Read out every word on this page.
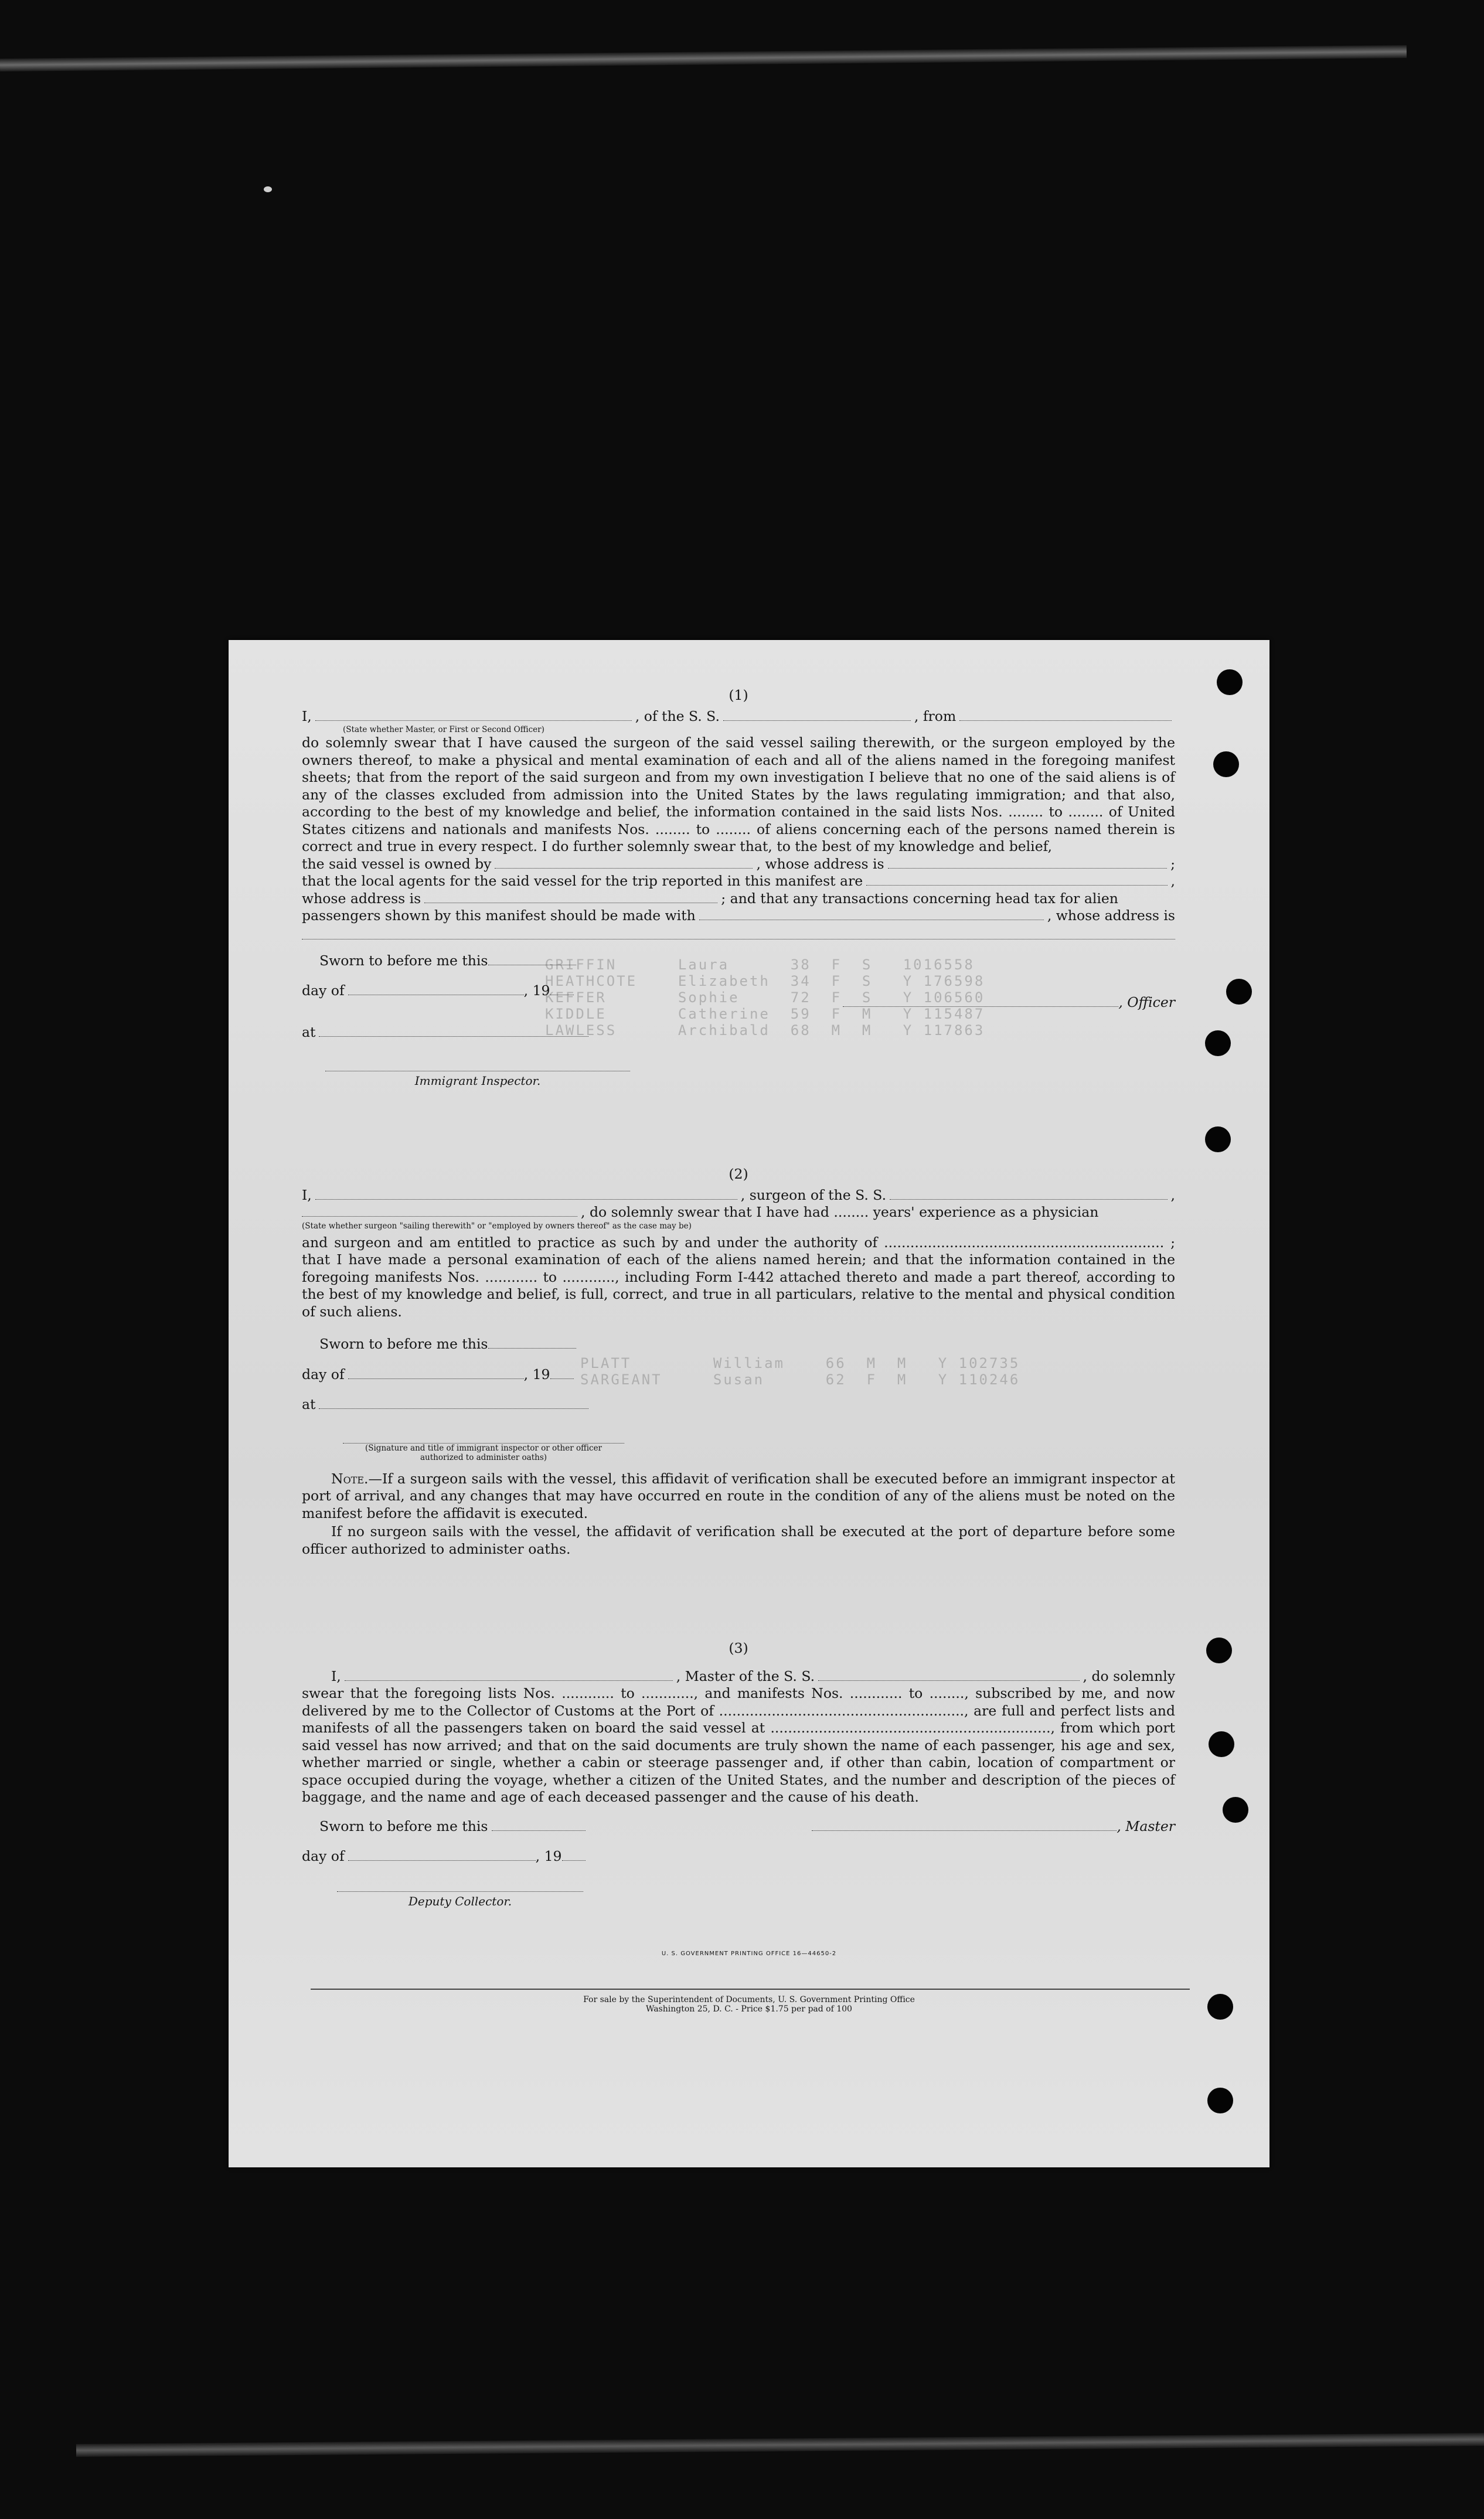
GRIFFIN      Laura      38  F  S   1016558
HEATHCOTE    Elizabeth  34  F  S   Y 176598
KEFFER       Sophie     72  F  S   Y 106560
KIDDLE       Catherine  59  F  M   Y 115487
LAWLESS      Archibald  68  M  M   Y 117863
PLATT        William    66  M  M   Y 102735
SARGEANT     Susan      62  F  M   Y 110246
(1)
I,	, of the S. S.	, from
(State whether Master, or First or Second Officer)
do solemnly swear that I have caused the surgeon of the said vessel sailing therewith, or the surgeon employed by the owners thereof, to make a physical and mental examination of each and all of the aliens named in the foregoing manifest sheets; that from the report of the said surgeon and from my own investigation I believe that no one of the said aliens is of any of the classes excluded from admission into the United States by the laws regulating immigration; and that also, according to the best of my knowledge and belief, the information contained in the said lists Nos. ........ to ........ of United States citizens and nationals and manifests Nos. ........ to ........ of aliens concerning each of the persons named therein is correct and true in every respect. I do further solemnly swear that, to the best of my knowledge and belief,
the said vessel is owned by	, whose address is	;
that the local agents for the said vessel for the trip reported in this manifest are	,
whose address is	; and that any transactions concerning head tax for alien
passengers shown by this manifest should be made with	, whose address is
Sworn to before me this
day of	, 19
, Officer
at
Immigrant Inspector.
(2)
I,	, surgeon of the S. S.	,
, do solemnly swear that I have had ........ years' experience as a physician
(State whether surgeon "sailing therewith" or "employed by owners thereof" as the case may be)
and surgeon and am entitled to practice as such by and under the authority of ................................................................ ; that I have made a personal examination of each of the aliens named herein; and that the information contained in the foregoing manifests Nos. ............ to ............, including Form I-442 attached thereto and made a part thereof, according to the best of my knowledge and belief, is full, correct, and true in all particulars, relative to the mental and physical condition of such aliens.
Sworn to before me this
day of	, 19
at
(Signature and title of immigrant inspector or other officer authorized to administer oaths)
Note.—If a surgeon sails with the vessel, this affidavit of verification shall be executed before an immigrant inspector at port of arrival, and any changes that may have occurred en route in the condition of any of the aliens must be noted on the manifest before the affidavit is executed.
If no surgeon sails with the vessel, the affidavit of verification shall be executed at the port of departure before some officer authorized to administer oaths.
(3)
I,	, Master of the S. S.	, do solemnly
swear that the foregoing lists Nos. ............ to ............, and manifests Nos. ............ to ........, subscribed by me, and now delivered by me to the Collector of Customs at the Port of ........................................................, are full and perfect lists and manifests of all the passengers taken on board the said vessel at ................................................................, from which port said vessel has now arrived; and that on the said documents are truly shown the name of each passenger, his age and sex, whether married or single, whether a cabin or steerage passenger and, if other than cabin, location of compartment or space occupied during the voyage, whether a citizen of the United States, and the number and description of the pieces of baggage, and the name and age of each deceased passenger and the cause of his death.
Sworn to before me this	, Master
day of	, 19
Deputy Collector.
U. S. GOVERNMENT PRINTING OFFICE 16—44650-2
For sale by the Superintendent of Documents, U. S. Government Printing Office
Washington 25, D. C. - Price $1.75 per pad of 100
